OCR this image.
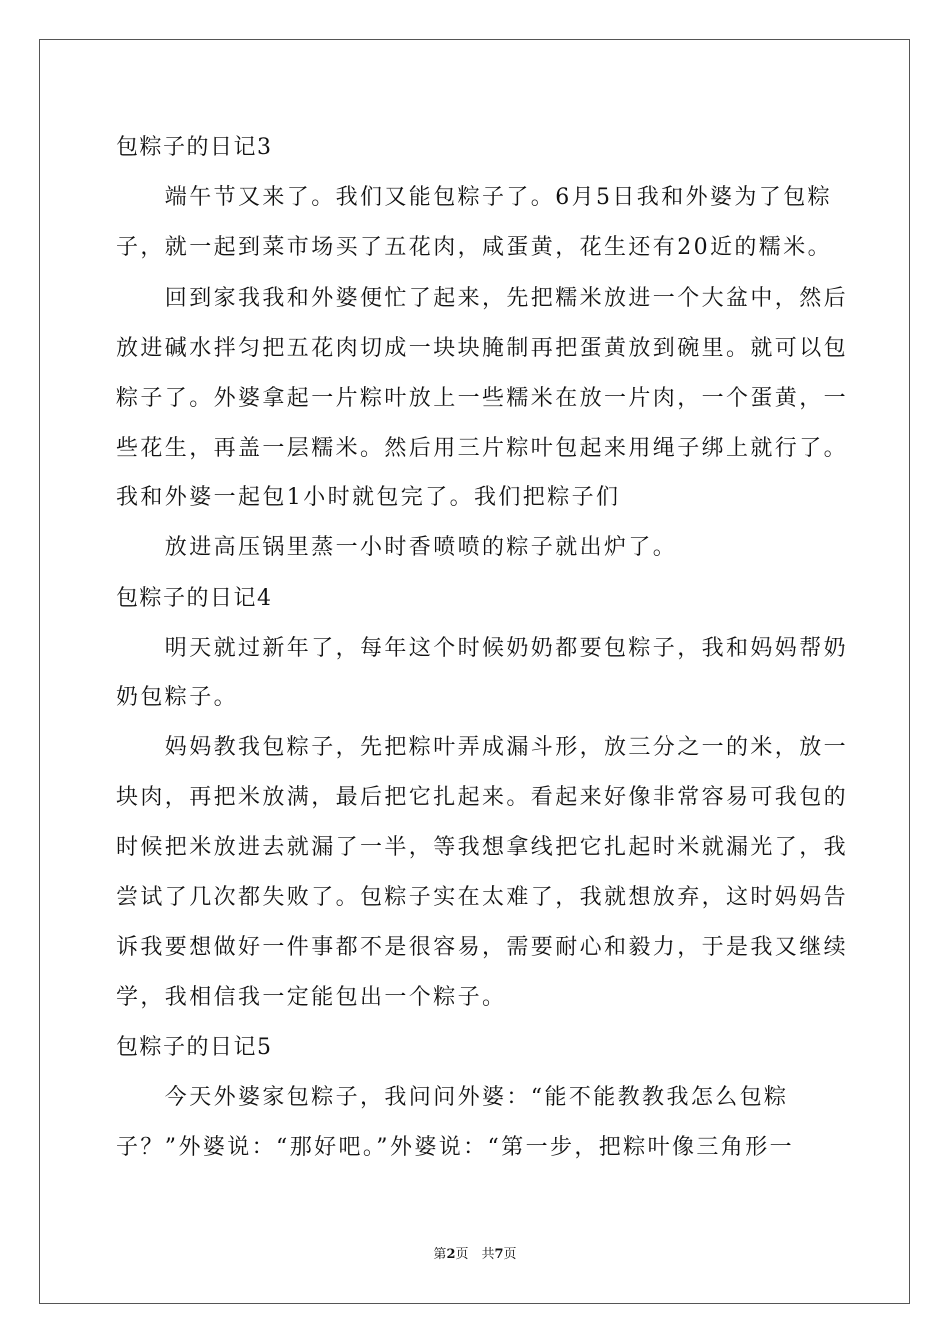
包粽子的日记3
　　端午节又来了。我们又能包粽子了。6月5日我和外婆为了包粽
子，就一起到菜市场买了五花肉，咸蛋黄，花生还有20近的糯米。
　　回到家我我和外婆便忙了起来，先把糯米放进一个大盆中，然后
放进碱水拌匀把五花肉切成一块块腌制再把蛋黄放到碗里。就可以包
粽子了。外婆拿起一片粽叶放上一些糯米在放一片肉，一个蛋黄，一
些花生，再盖一层糯米。然后用三片粽叶包起来用绳子绑上就行了。
我和外婆一起包1小时就包完了。我们把粽子们
　　放进高压锅里蒸一小时香喷喷的粽子就出炉了。
包粽子的日记4
　　明天就过新年了，每年这个时候奶奶都要包粽子，我和妈妈帮奶
奶包粽子。
　　妈妈教我包粽子，先把粽叶弄成漏斗形，放三分之一的米，放一
块肉，再把米放满，最后把它扎起来。看起来好像非常容易可我包的
时候把米放进去就漏了一半，等我想拿线把它扎起时米就漏光了，我
尝试了几次都失败了。包粽子实在太难了，我就想放弃，这时妈妈告
诉我要想做好一件事都不是很容易，需要耐心和毅力，于是我又继续
学，我相信我一定能包出一个粽子。
包粽子的日记5
　　今天外婆家包粽子，我问问外婆：“能不能教教我怎么包粽
子？”外婆说：“那好吧。”外婆说：“第一步，把粽叶像三角形一
第2页　共7页
